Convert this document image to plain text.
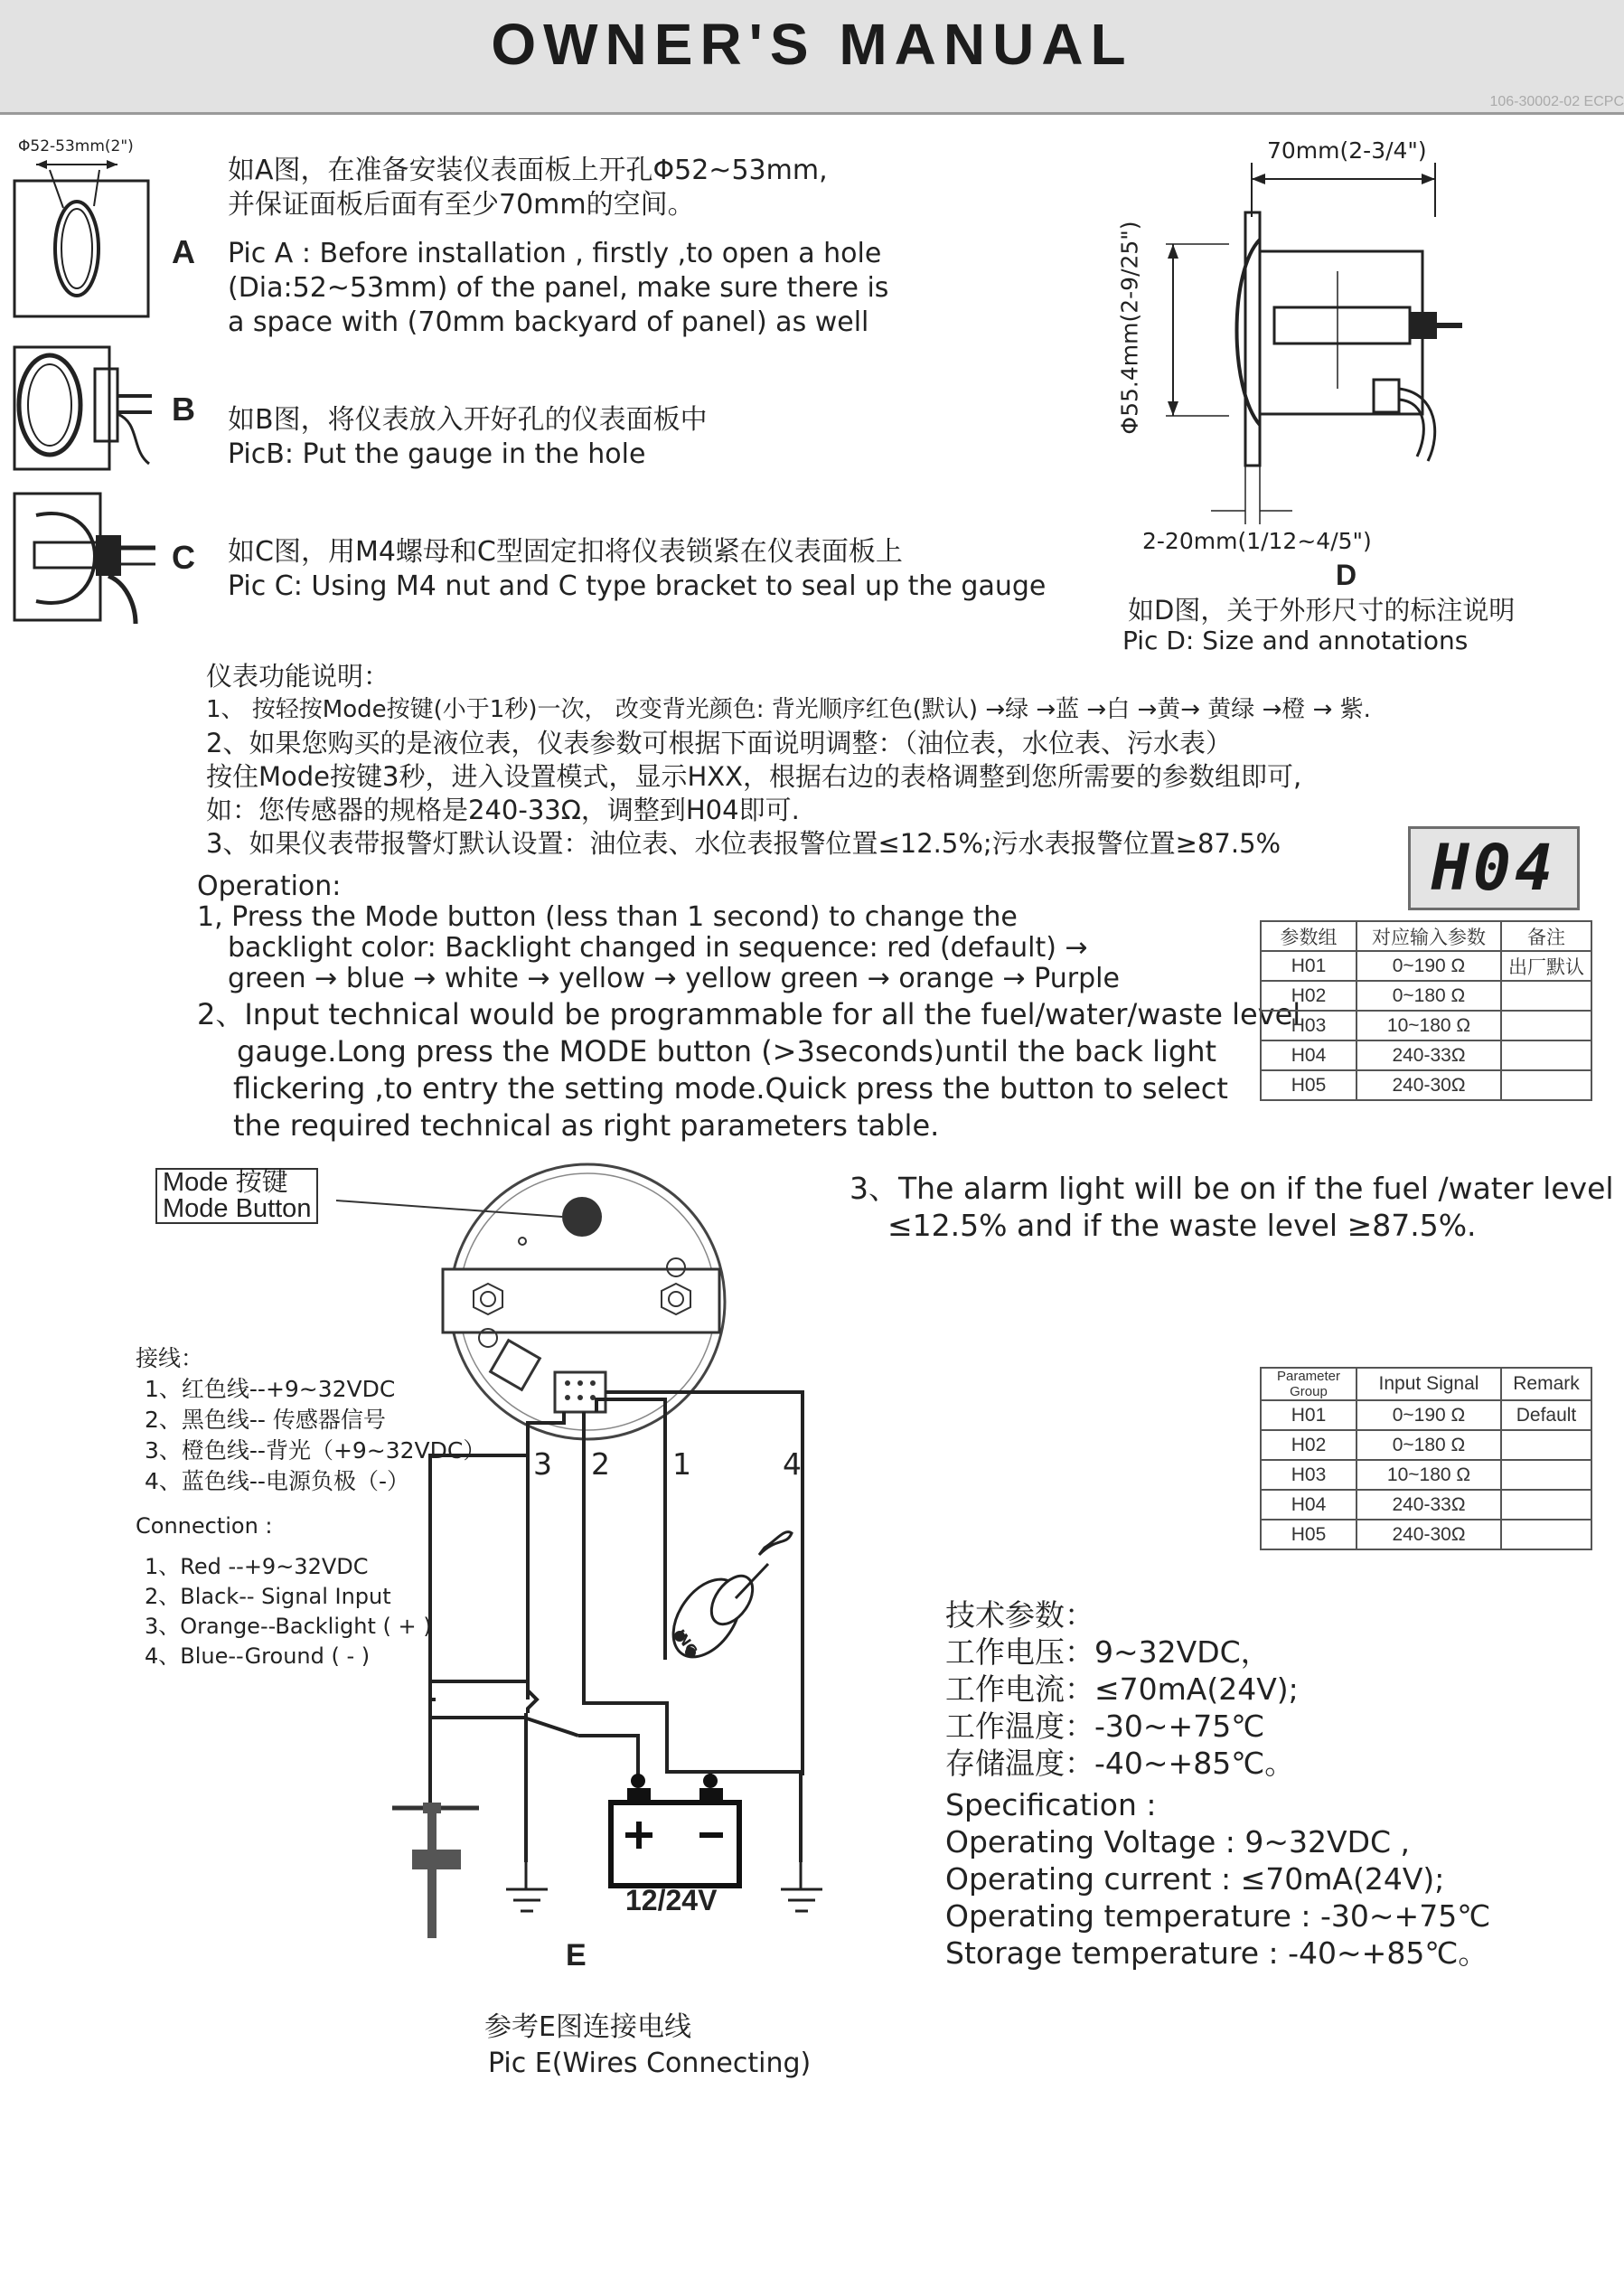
OWNER'S MANUAL
106-30002-02 ECPC
Φ52-53mm(2")
A
B
C
如A图，在准备安装仪表面板上开孔Φ52~53mm,
并保证面板后面有至少70mm的空间。
Pic A : Before installation , firstly ,to open a hole
(Dia:52~53mm) of the panel, make sure there is
a space with (70mm backyard of panel) as well
如B图，将仪表放入开好孔的仪表面板中
PicB: Put the gauge in the hole
如C图，用M4螺母和C型固定扣将仪表锁紧在仪表面板上
Pic C: Using M4 nut and C type bracket to seal up the gauge
70mm(2-3/4")
Φ55.4mm(2-9/25")
2-20mm(1/12~4/5")
D
如D图，关于外形尺寸的标注说明
Pic D: Size and annotations
仪表功能说明：
1、 按轻按Mode按键(小于1秒)一次， 改变背光颜色: 背光顺序红色(默认) →绿 →蓝 →白 →黄→ 黄绿 →橙 → 紫.
2、如果您购买的是液位表，仪表参数可根据下面说明调整：（油位表，水位表、污水表）
按住Mode按键3秒，进入设置模式，显示HXX，根据右边的表格调整到您所需要的参数组即可,
如：您传感器的规格是240-33Ω，调整到H04即可.
3、如果仪表带报警灯默认设置：油位表、水位表报警位置≤12.5%;污水表报警位置≥87.5%	H04
Operation:
1, Press the Mode button (less than 1 second) to change the
backlight color: Backlight changed in sequence: red (default) →
green → blue → white → yellow → yellow green → orange → Purple
2、Input technical would be programmable for all the fuel/water/waste level
gauge.Long press the MODE button (>3seconds)until the back light
flickering ,to entry the setting mode.Quick press the button to select
the required technical as right parameters table.
参数组	对应输入参数	备注
H01	0~190 Ω	出厂默认
H02	0~180 Ω	
H03	10~180 Ω	
H04	240-33Ω	
H05	240-30Ω	
Mode 按键
Mode Button
3、The alarm light will be on if the fuel /water level
≤12.5% and if the waste level ≥87.5%.
Parameter Group	Input Signal	Remark
H01	0~190 Ω	Default
H02	0~180 Ω	
H03	10~180 Ω	
H04	240-33Ω	
H05	240-30Ω	
3 2 1	4
ING
12/24V
E
参考E图连接电线
Pic E(Wires Connecting)
接线：
1、红色线--+9~32VDC
2、黑色线-- 传感器信号
3、橙色线--背光（+9~32VDC）
4、蓝色线--电源负极（-）
Connection :
1、Red --+9~32VDC
2、Black-- Signal Input
3、Orange--Backlight ( + )
4、Blue--Ground ( - )
技术参数：
工作电压：9~32VDC，
工作电流：≤70mA(24V);
工作温度：-30~+75℃
存储温度：-40~+85℃。
Specification :
Operating Voltage : 9~32VDC ,
Operating current : ≤70mA(24V);
Operating temperature : -30~+75℃
Storage temperature : -40~+85℃。
